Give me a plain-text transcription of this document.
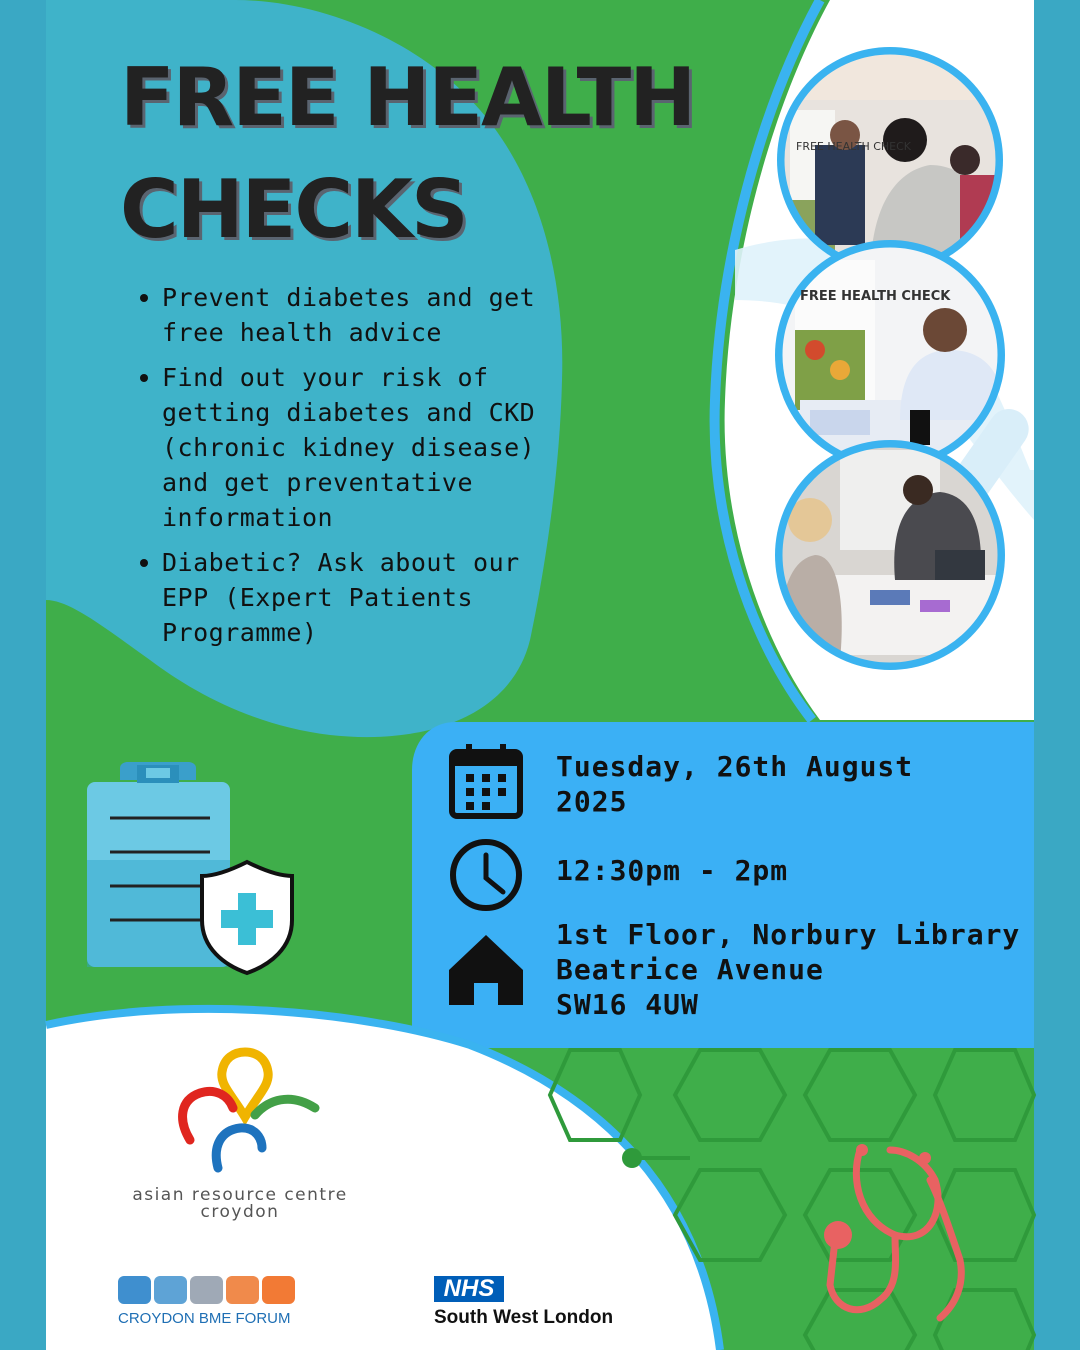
FREE HEALTH
CHECKS
Prevent diabetes and get free health advice
Find out your risk of getting diabetes and CKD (chronic kidney disease) and get preventative information
Diabetic? Ask about our EPP (Expert Patients Programme)
FREE HEALTH CHECK
FREE HEALTH CHECK
Tuesday, 26th August
2025
12:30pm - 2pm
1st Floor, Norbury Library
Beatrice Avenue
SW16 4UW
asian resource centre
croydon
CROYDON BME FORUM
NHS
South West London
